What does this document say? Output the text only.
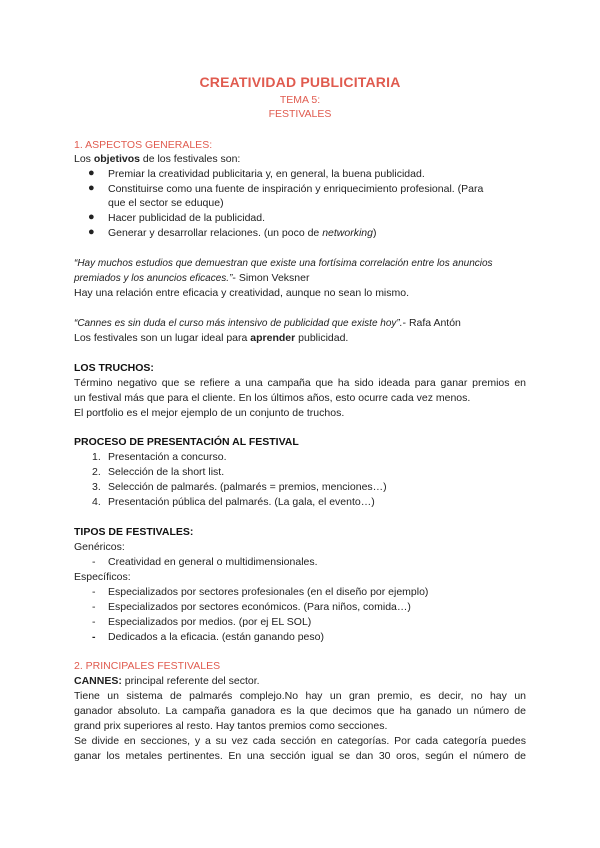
CREATIVIDAD PUBLICITARIA
TEMA 5:
FESTIVALES
1. ASPECTOS GENERALES:
Los objetivos de los festivales son:
● Premiar la creatividad publicitaria y, en general, la buena publicidad.
● Constituirse como una fuente de inspiración y enriquecimiento profesional. (Para
que el sector se eduque)
● Hacer publicidad de la publicidad.
● Generar y desarrollar relaciones. (un poco de networking)
“Hay muchos estudios que demuestran que existe una fortísima correlación entre los anuncios
premiados y los anuncios eficaces.”- Simon Veksner
Hay una relación entre eficacia y creatividad, aunque no sean lo mismo.
“Cannes es sin duda el curso más intensivo de publicidad que existe hoy”.- Rafa Antón
Los festivales son un lugar ideal para aprender publicidad.
LOS TRUCHOS:
Término negativo que se refiere a una campaña que ha sido ideada para ganar premios en
un festival más que para el cliente. En los últimos años, esto ocurre cada vez menos.
El portfolio es el mejor ejemplo de un conjunto de truchos.
PROCESO DE PRESENTACIÓN AL FESTIVAL
1. Presentación a concurso.
2. Selección de la short list.
3. Selección de palmarés. (palmarés = premios, menciones…)
4. Presentación pública del palmarés. (La gala, el evento…)
TIPOS DE FESTIVALES:
Genéricos:
- Creatividad en general o multidimensionales.
Específicos:
- Especializados por sectores profesionales (en el diseño por ejemplo)
- Especializados por sectores económicos. (Para niños, comida…)
- Especializados por medios. (por ej EL SOL)
- Dedicados a la eficacia. (están ganando peso)
2. PRINCIPALES FESTIVALES
CANNES: principal referente del sector.
Tiene un sistema de palmarés complejo.No hay un gran premio, es decir, no hay un
ganador absoluto. La campaña ganadora es la que decimos que ha ganado un número de
grand prix superiores al resto. Hay tantos premios como secciones.
Se divide en secciones, y a su vez cada sección en categorías. Por cada categoría puedes
ganar los metales pertinentes. En una sección igual se dan 30 oros, según el número de
